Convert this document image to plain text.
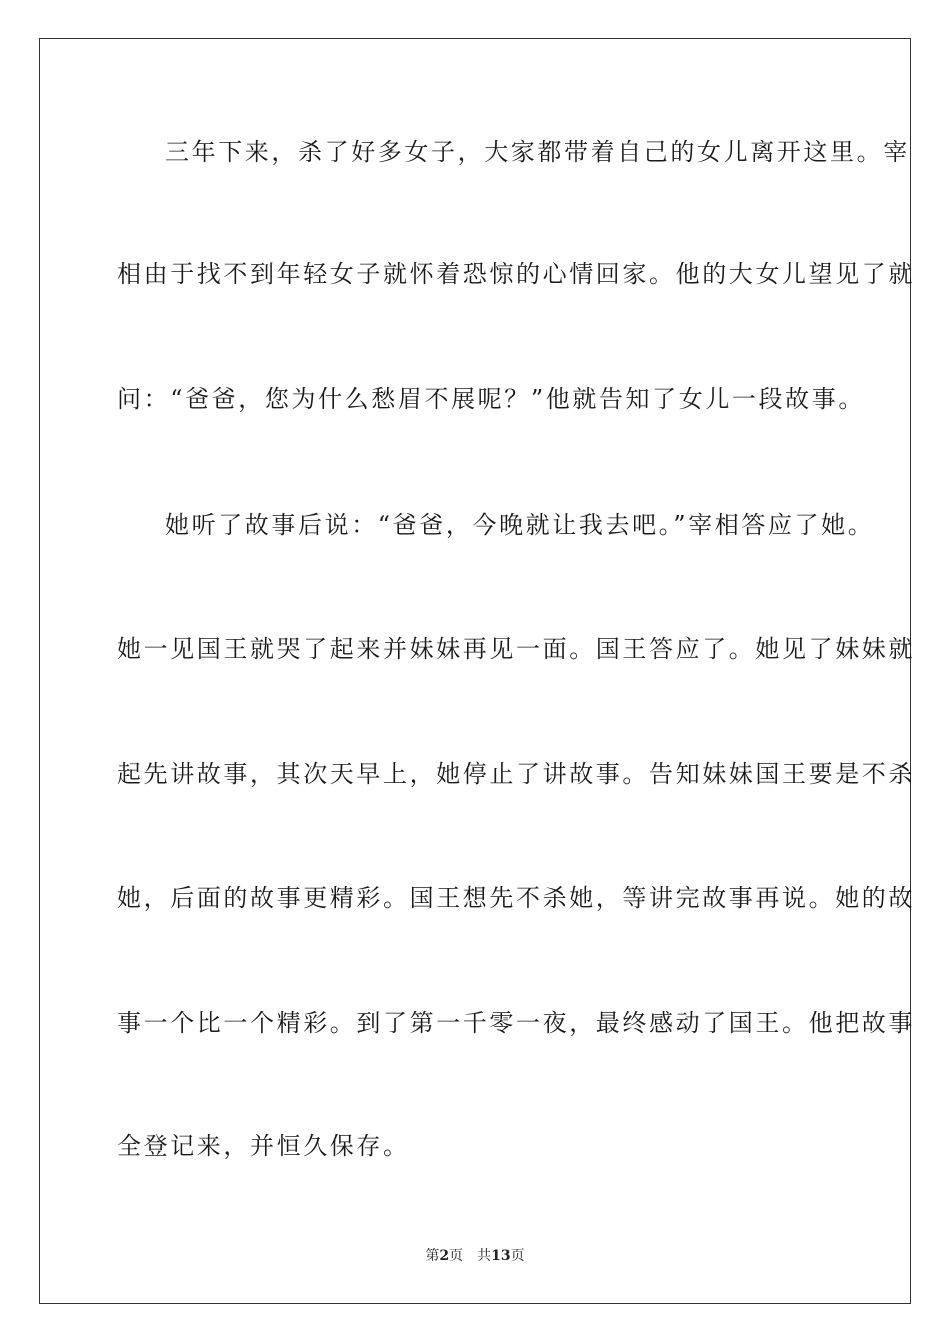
三年下来，杀了好多女子，大家都带着自己的女儿离开这里。宰
相由于找不到年轻女子就怀着恐惊的心情回家。他的大女儿望见了就
问：“爸爸，您为什么愁眉不展呢？”他就告知了女儿一段故事。
她听了故事后说：“爸爸，今晚就让我去吧。”宰相答应了她。
她一见国王就哭了起来并妹妹再见一面。国王答应了。她见了妹妹就
起先讲故事，其次天早上，她停止了讲故事。告知妹妹国王要是不杀
她，后面的故事更精彩。国王想先不杀她，等讲完故事再说。她的故
事一个比一个精彩。到了第一千零一夜，最终感动了国王。他把故事
全登记来，并恒久保存。
第2页 共13页
